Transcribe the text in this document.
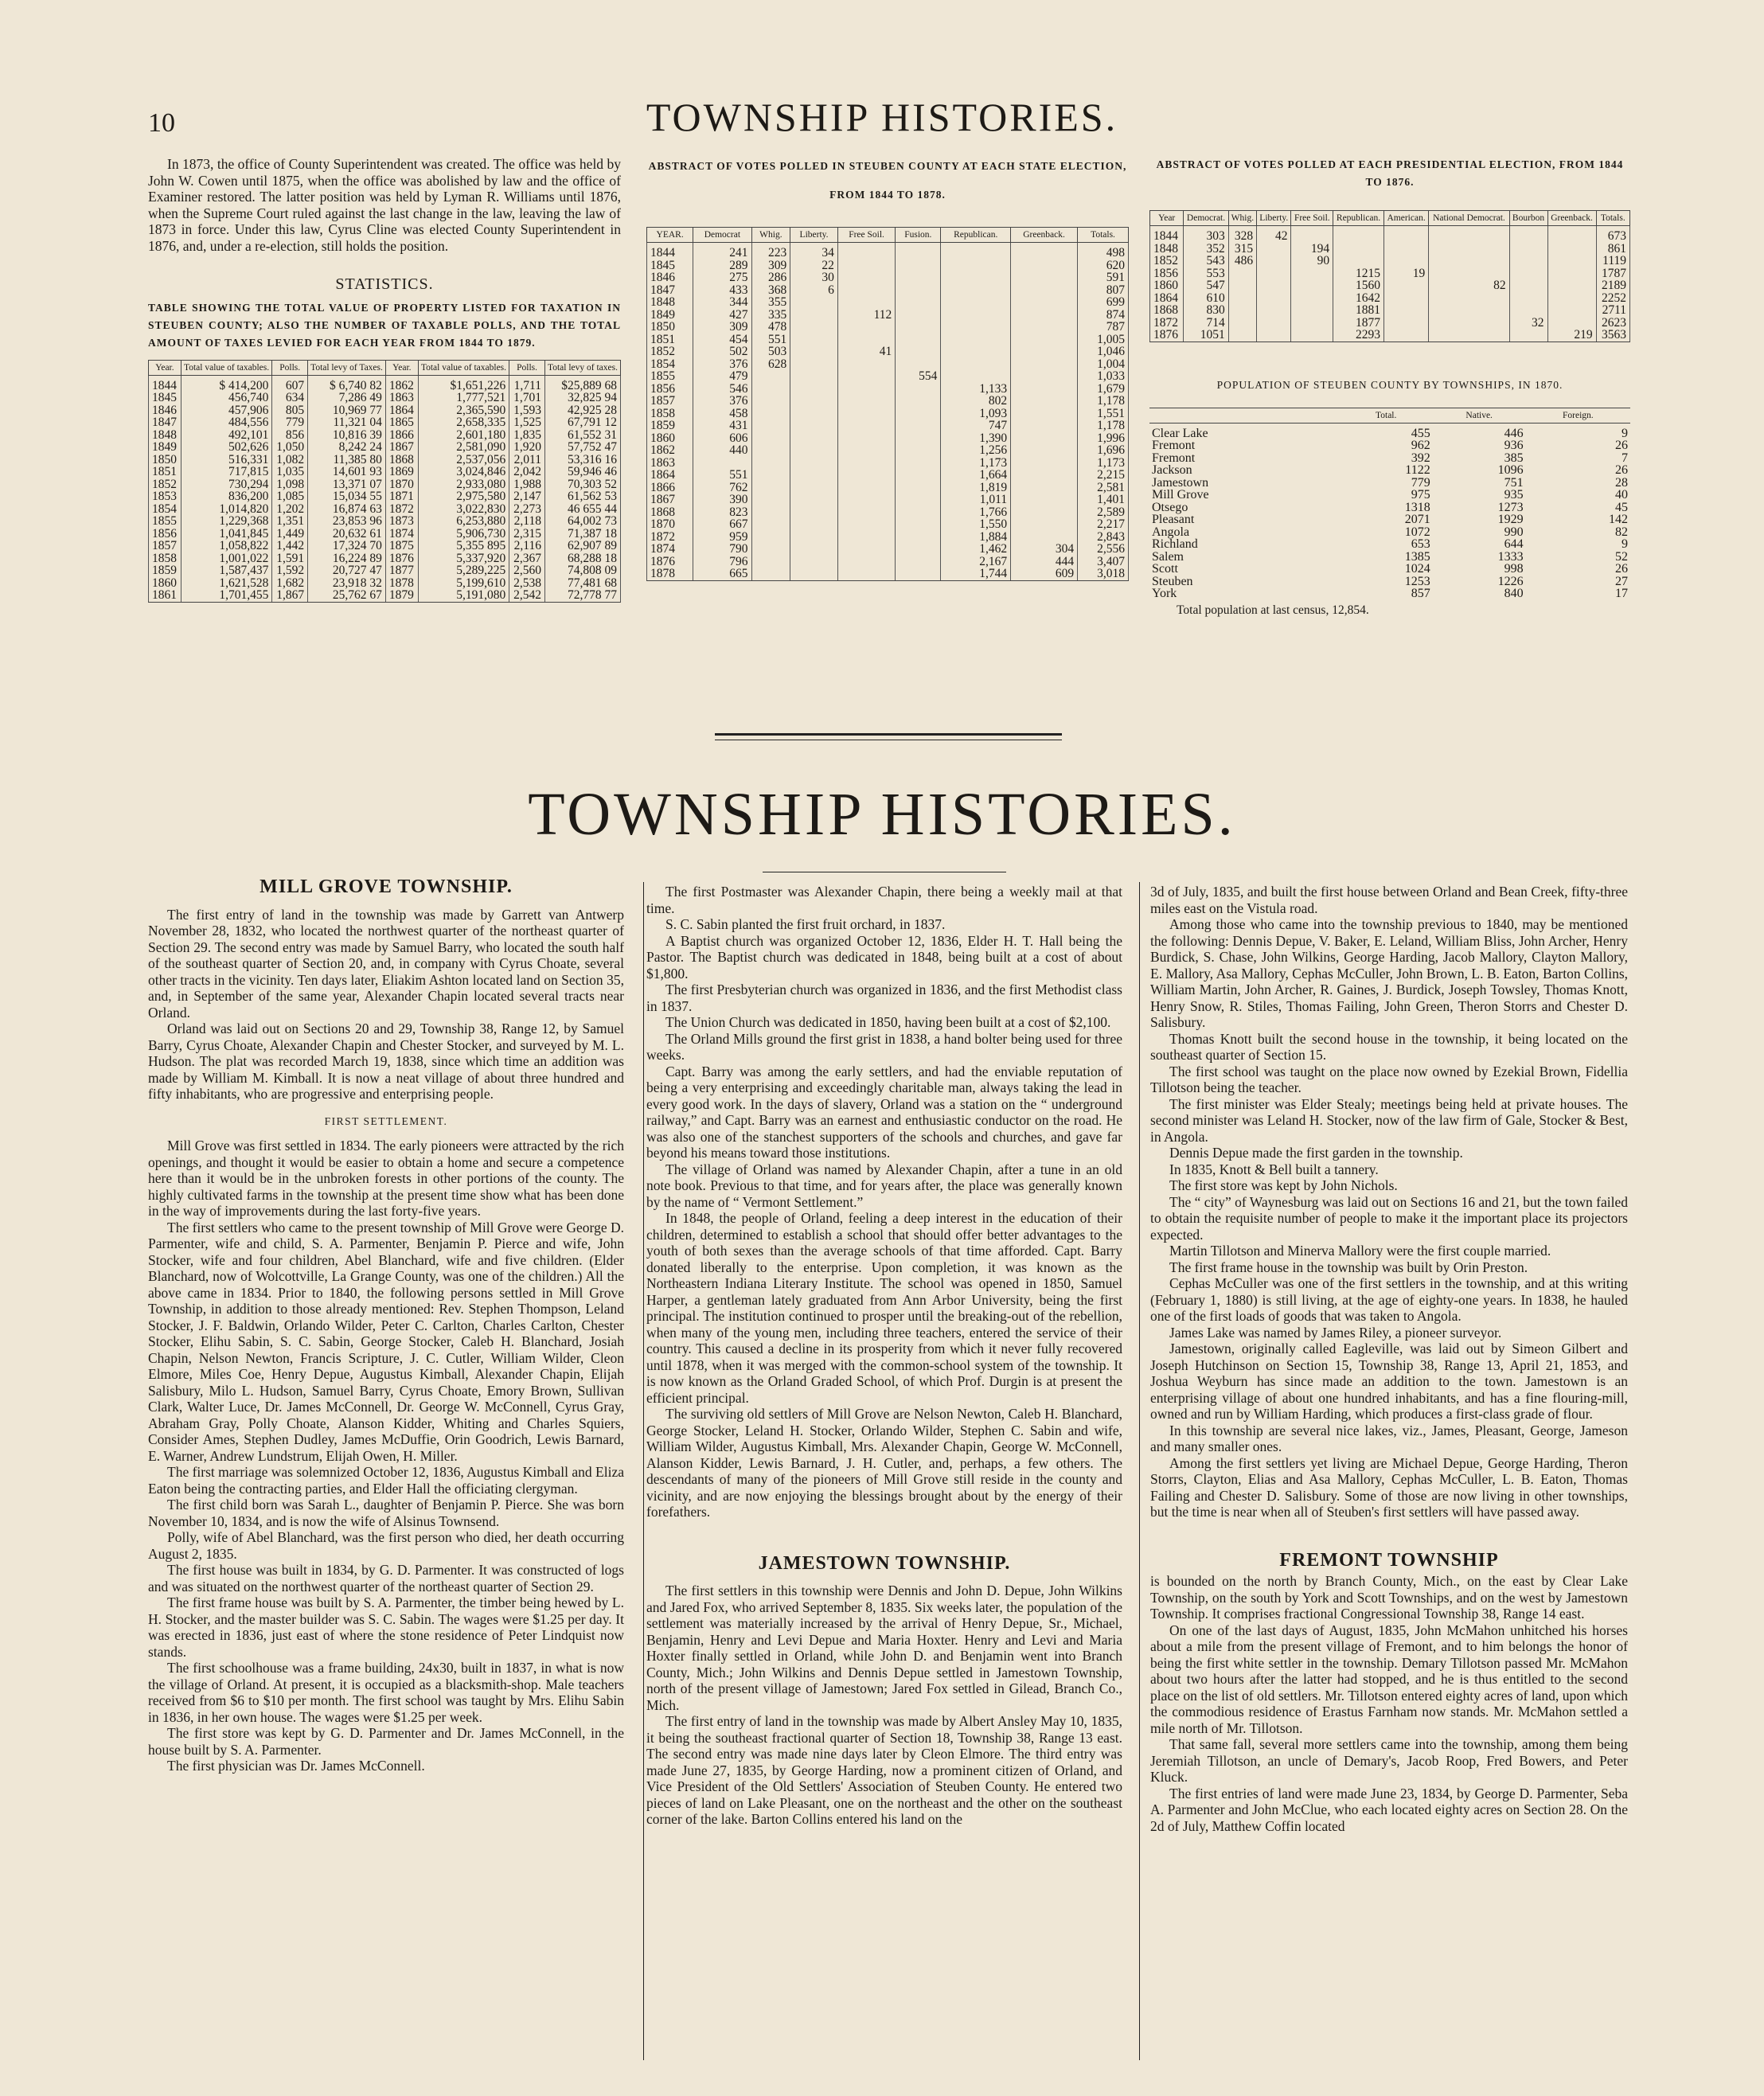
10	TOWNSHIP HISTORIES.

In 1873, the office of County Superintendent was created. The office was held by John W. Cowen until 1875, when the office was abolished by law and the office of Examiner restored. The latter position was held by Lyman R. Williams until 1876, when the Supreme Court ruled against the last change in the law, leaving the law of 1873 in force. Under this law, Cyrus Cline was elected County Superintendent in 1876, and, under a re-election, still holds the position.

STATISTICS.
TABLE SHOWING THE TOTAL VALUE OF PROPERTY LISTED FOR TAXATION IN STEUBEN COUNTY; ALSO THE NUMBER OF TAXABLE POLLS, AND THE TOTAL AMOUNT OF TAXES LEVIED FOR EACH YEAR FROM 1844 TO 1879.
Year.	Total value of taxables.	Polls.	Total levy of Taxes.	Year.	Total value of taxables.	Polls.	Total levy of taxes.
1844	$ 414,200	607	$ 6,740 82	1862	$1,651,226	1,711	$25,889 68
1845	456,740	634	7,286 49	1863	1,777,521	1,701	32,825 94
1846	457,906	805	10,969 77	1864	2,365,590	1,593	42,925 28
1847	484,556	779	11,321 04	1865	2,658,335	1,525	67,791 12
1848	492,101	856	10,816 39	1866	2,601,180	1,835	61,552 31
1849	502,626	1,050	8,242 24	1867	2,581,090	1,920	57,752 47
1850	516,331	1,082	11,385 80	1868	2,537,056	2,011	53,316 16
1851	717,815	1,035	14,601 93	1869	3,024,846	2,042	59,946 46
1852	730,294	1,098	13,371 07	1870	2,933,080	1,988	70,303 52
1853	836,200	1,085	15,034 55	1871	2,975,580	2,147	61,562 53
1854	1,014,820	1,202	16,874 63	1872	3,022,830	2,273	46 655 44
1855	1,229,368	1,351	23,853 96	1873	6,253,880	2,118	64,002 73
1856	1,041,845	1,449	20,632 61	1874	5,906,730	2,315	71,387 18
1857	1,058,822	1,442	17,324 70	1875	5,355 895	2,116	62,907 89
1858	1,001,022	1,591	16,224 89	1876	5,337,920	2,367	68,288 18
1859	1,587,437	1,592	20,727 47	1877	5,289,225	2,560	74,808 09
1860	1,621,528	1,682	23,918 32	1878	5,199,610	2,538	77,481 68
1861	1,701,455	1,867	25,762 67	1879	5,191,080	2,542	72,778 77
ABSTRACT OF VOTES POLLED IN STEUBEN COUNTY AT EACH STATE ELECTION,
FROM 1844 TO 1878.
YEAR.	Democrat	Whig.	Liberty.	Free Soil.	Fusion.	Republican.	Greenback.	Totals.
1844	241	223	34					498
1845	289	309	22					620
1846	275	286	30					591
1847	433	368	6					807
1848	344	355						699
1849	427	335		112				874
1850	309	478						787
1851	454	551						1,005
1852	502	503		41				1,046
1854	376	628						1,004
1855	479				554			1,033
1856	546					1,133		1,679
1857	376					802		1,178
1858	458					1,093		1,551
1859	431					747		1,178
1860	606					1,390		1,996
1862	440					1,256		1,696
1863						1,173		1,173
1864	551					1,664		2,215
1866	762					1,819		2,581
1867	390					1,011		1,401
1868	823					1,766		2,589
1870	667					1,550		2,217
1872	959					1,884		2,843
1874	790					1,462	304	2,556
1876	796					2,167	444	3,407
1878	665					1,744	609	3,018
ABSTRACT OF VOTES POLLED AT EACH PRESIDENTIAL ELECTION, FROM 1844 TO 1876.
Year	Democrat.	Whig.	Liberty.	Free Soil.	Republican.	American.	National Democrat.	Bourbon	Greenback.	Totals.
1844	303	328	42							673
1848	352	315		194						861
1852	543	486		90						1119
1856	553				1215	19				1787
1860	547				1560		82			2189
1864	610				1642					2252
1868	830				1881					2711
1872	714				1877			32		2623
1876	1051				2293				219	3563
POPULATION OF STEUBEN COUNTY BY TOWNSHIPS, IN 1870.
	Total.	Native.	Foreign.
Clear Lake	455	446	9
Fremont	962	936	26
Fremont	392	385	7
Jackson	1122	1096	26
Jamestown	779	751	28
Mill Grove	975	935	40
Otsego	1318	1273	45
Pleasant	2071	1929	142
Angola	1072	990	82
Richland	653	644	9
Salem	1385	1333	52
Scott	1024	998	26
Steuben	1253	1226	27
York	857	840	17
Total population at last census, 12,854.
TOWNSHIP HISTORIES.
MILL GROVE TOWNSHIP.

The first entry of land in the township was made by Garrett van Antwerp November 28, 1832, who located the northwest quarter of the northeast quarter of Section 29. The second entry was made by Samuel Barry, who located the south half of the southeast quarter of Section 20, and, in company with Cyrus Choate, several other tracts in the vicinity. Ten days later, Eliakim Ashton located land on Section 35, and, in September of the same year, Alexander Chapin located several tracts near Orland.

Orland was laid out on Sections 20 and 29, Township 38, Range 12, by Samuel Barry, Cyrus Choate, Alexander Chapin and Chester Stocker, and surveyed by M. L. Hudson. The plat was recorded March 19, 1838, since which time an addition was made by William M. Kimball. It is now a neat village of about three hundred and fifty inhabitants, who are progressive and enterprising people.

FIRST SETTLEMENT.

Mill Grove was first settled in 1834. The early pioneers were attracted by the rich openings, and thought it would be easier to obtain a home and secure a competence here than it would be in the unbroken forests in other portions of the county. The highly cultivated farms in the township at the present time show what has been done in the way of improvements during the last forty-five years.

The first settlers who came to the present township of Mill Grove were George D. Parmenter, wife and child, S. A. Parmenter, Benjamin P. Pierce and wife, John Stocker, wife and four children, Abel Blanchard, wife and five children. (Elder Blanchard, now of Wolcottville, La Grange County, was one of the children.) All the above came in 1834. Prior to 1840, the following persons settled in Mill Grove Township, in addition to those already mentioned: Rev. Stephen Thompson, Leland Stocker, J. F. Baldwin, Orlando Wilder, Peter C. Carlton, Charles Carlton, Chester Stocker, Elihu Sabin, S. C. Sabin, George Stocker, Caleb H. Blanchard, Josiah Chapin, Nelson Newton, Francis Scripture, J. C. Cutler, William Wilder, Cleon Elmore, Miles Coe, Henry Depue, Augustus Kimball, Alexander Chapin, Elijah Salisbury, Milo L. Hudson, Samuel Barry, Cyrus Choate, Emory Brown, Sullivan Clark, Walter Luce, Dr. James McConnell, Dr. George W. McConnell, Cyrus Gray, Abraham Gray, Polly Choate, Alanson Kidder, Whiting and Charles Squiers, Consider Ames, Stephen Dudley, James McDuffie, Orin Goodrich, Lewis Barnard, E. Warner, Andrew Lundstrum, Elijah Owen, H. Miller.

The first marriage was solemnized October 12, 1836, Augustus Kimball and Eliza Eaton being the contracting parties, and Elder Hall the officiating clergyman.

The first child born was Sarah L., daughter of Benjamin P. Pierce. She was born November 10, 1834, and is now the wife of Alsinus Townsend.

Polly, wife of Abel Blanchard, was the first person who died, her death occurring August 2, 1835.

The first house was built in 1834, by G. D. Parmenter. It was constructed of logs and was situated on the northwest quarter of the northeast quarter of Section 29.

The first frame house was built by S. A. Parmenter, the timber being hewed by L. H. Stocker, and the master builder was S. C. Sabin. The wages were $1.25 per day. It was erected in 1836, just east of where the stone residence of Peter Lindquist now stands.

The first schoolhouse was a frame building, 24x30, built in 1837, in what is now the village of Orland. At present, it is occupied as a blacksmith-shop. Male teachers received from $6 to $10 per month. The first school was taught by Mrs. Elihu Sabin in 1836, in her own house. The wages were $1.25 per week.

The first store was kept by G. D. Parmenter and Dr. James McConnell, in the house built by S. A. Parmenter.

The first physician was Dr. James McConnell.

The first Postmaster was Alexander Chapin, there being a weekly mail at that time.

S. C. Sabin planted the first fruit orchard, in 1837.

A Baptist church was organized October 12, 1836, Elder H. T. Hall being the Pastor. The Baptist church was dedicated in 1848, being built at a cost of about $1,800.

The first Presbyterian church was organized in 1836, and the first Methodist class in 1837.

The Union Church was dedicated in 1850, having been built at a cost of $2,100.

The Orland Mills ground the first grist in 1838, a hand bolter being used for three weeks.

Capt. Barry was among the early settlers, and had the enviable reputation of being a very enterprising and exceedingly charitable man, always taking the lead in every good work. In the days of slavery, Orland was a station on the “ underground railway,” and Capt. Barry was an earnest and enthusiastic conductor on the road. He was also one of the stanchest supporters of the schools and churches, and gave far beyond his means toward those institutions.

The village of Orland was named by Alexander Chapin, after a tune in an old note book. Previous to that time, and for years after, the place was generally known by the name of “ Vermont Settlement.”

In 1848, the people of Orland, feeling a deep interest in the education of their children, determined to establish a school that should offer better advantages to the youth of both sexes than the average schools of that time afforded. Capt. Barry donated liberally to the enterprise. Upon completion, it was known as the Northeastern Indiana Literary Institute. The school was opened in 1850, Samuel Harper, a gentleman lately graduated from Ann Arbor University, being the first principal. The institution continued to prosper until the breaking-out of the rebellion, when many of the young men, including three teachers, entered the service of their country. This caused a decline in its prosperity from which it never fully recovered until 1878, when it was merged with the common-school system of the township. It is now known as the Orland Graded School, of which Prof. Durgin is at present the efficient principal.

The surviving old settlers of Mill Grove are Nelson Newton, Caleb H. Blanchard, George Stocker, Leland H. Stocker, Orlando Wilder, Stephen C. Sabin and wife, William Wilder, Augustus Kimball, Mrs. Alexander Chapin, George W. McConnell, Alanson Kidder, Lewis Barnard, J. H. Cutler, and, perhaps, a few others. The descendants of many of the pioneers of Mill Grove still reside in the county and vicinity, and are now enjoying the blessings brought about by the energy of their forefathers.

JAMESTOWN TOWNSHIP.

The first settlers in this township were Dennis and John D. Depue, John Wilkins and Jared Fox, who arrived September 8, 1835. Six weeks later, the population of the settlement was materially increased by the arrival of Henry Depue, Sr., Michael, Benjamin, Henry and Levi Depue and Maria Hoxter. Henry and Levi and Maria Hoxter finally settled in Orland, while John D. and Benjamin went into Branch County, Mich.; John Wilkins and Dennis Depue settled in Jamestown Township, north of the present village of Jamestown; Jared Fox settled in Gilead, Branch Co., Mich.

The first entry of land in the township was made by Albert Ansley May 10, 1835, it being the southeast fractional quarter of Section 18, Township 38, Range 13 east. The second entry was made nine days later by Cleon Elmore. The third entry was made June 27, 1835, by George Harding, now a prominent citizen of Orland, and Vice President of the Old Settlers' Association of Steuben County. He entered two pieces of land on Lake Pleasant, one on the northeast and the other on the southeast corner of the lake. Barton Collins entered his land on the

3d of July, 1835, and built the first house between Orland and Bean Creek, fifty-three miles east on the Vistula road.

Among those who came into the township previous to 1840, may be mentioned the following: Dennis Depue, V. Baker, E. Leland, William Bliss, John Archer, Henry Burdick, S. Chase, John Wilkins, George Harding, Jacob Mallory, Clayton Mallory, E. Mallory, Asa Mallory, Cephas McCuller, John Brown, L. B. Eaton, Barton Collins, William Martin, John Archer, R. Gaines, J. Burdick, Joseph Towsley, Thomas Knott, Henry Snow, R. Stiles, Thomas Failing, John Green, Theron Storrs and Chester D. Salisbury.

Thomas Knott built the second house in the township, it being located on the southeast quarter of Section 15.

The first school was taught on the place now owned by Ezekial Brown, Fidellia Tillotson being the teacher.

The first minister was Elder Stealy; meetings being held at private houses. The second minister was Leland H. Stocker, now of the law firm of Gale, Stocker & Best, in Angola.

Dennis Depue made the first garden in the township.

In 1835, Knott & Bell built a tannery.

The first store was kept by John Nichols.

The “ city” of Waynesburg was laid out on Sections 16 and 21, but the town failed to obtain the requisite number of people to make it the important place its projectors expected.

Martin Tillotson and Minerva Mallory were the first couple married.

The first frame house in the township was built by Orin Preston.

Cephas McCuller was one of the first settlers in the township, and at this writing (February 1, 1880) is still living, at the age of eighty-one years. In 1838, he hauled one of the first loads of goods that was taken to Angola.

James Lake was named by James Riley, a pioneer surveyor.

Jamestown, originally called Eagleville, was laid out by Simeon Gilbert and Joseph Hutchinson on Section 15, Township 38, Range 13, April 21, 1853, and Joshua Weyburn has since made an addition to the town. Jamestown is an enterprising village of about one hundred inhabitants, and has a fine flouring-mill, owned and run by William Harding, which produces a first-class grade of flour.

In this township are several nice lakes, viz., James, Pleasant, George, Jameson and many smaller ones.

Among the first settlers yet living are Michael Depue, George Harding, Theron Storrs, Clayton, Elias and Asa Mallory, Cephas McCuller, L. B. Eaton, Thomas Failing and Chester D. Salisbury. Some of those are now living in other townships, but the time is near when all of Steuben's first settlers will have passed away.

FREMONT TOWNSHIP

is bounded on the north by Branch County, Mich., on the east by Clear Lake Township, on the south by York and Scott Townships, and on the west by Jamestown Township. It comprises fractional Congressional Township 38, Range 14 east.

On one of the last days of August, 1835, John McMahon unhitched his horses about a mile from the present village of Fremont, and to him belongs the honor of being the first white settler in the township. Demary Tillotson passed Mr. McMahon about two hours after the latter had stopped, and he is thus entitled to the second place on the list of old settlers. Mr. Tillotson entered eighty acres of land, upon which the commodious residence of Erastus Farnham now stands. Mr. McMahon settled a mile north of Mr. Tillotson.

That same fall, several more settlers came into the township, among them being Jeremiah Tillotson, an uncle of Demary's, Jacob Roop, Fred Bowers, and Peter Kluck.

The first entries of land were made June 23, 1834, by George D. Parmenter, Seba A. Parmenter and John McClue, who each located eighty acres on Section 28. On the 2d of July, Matthew Coffin located
